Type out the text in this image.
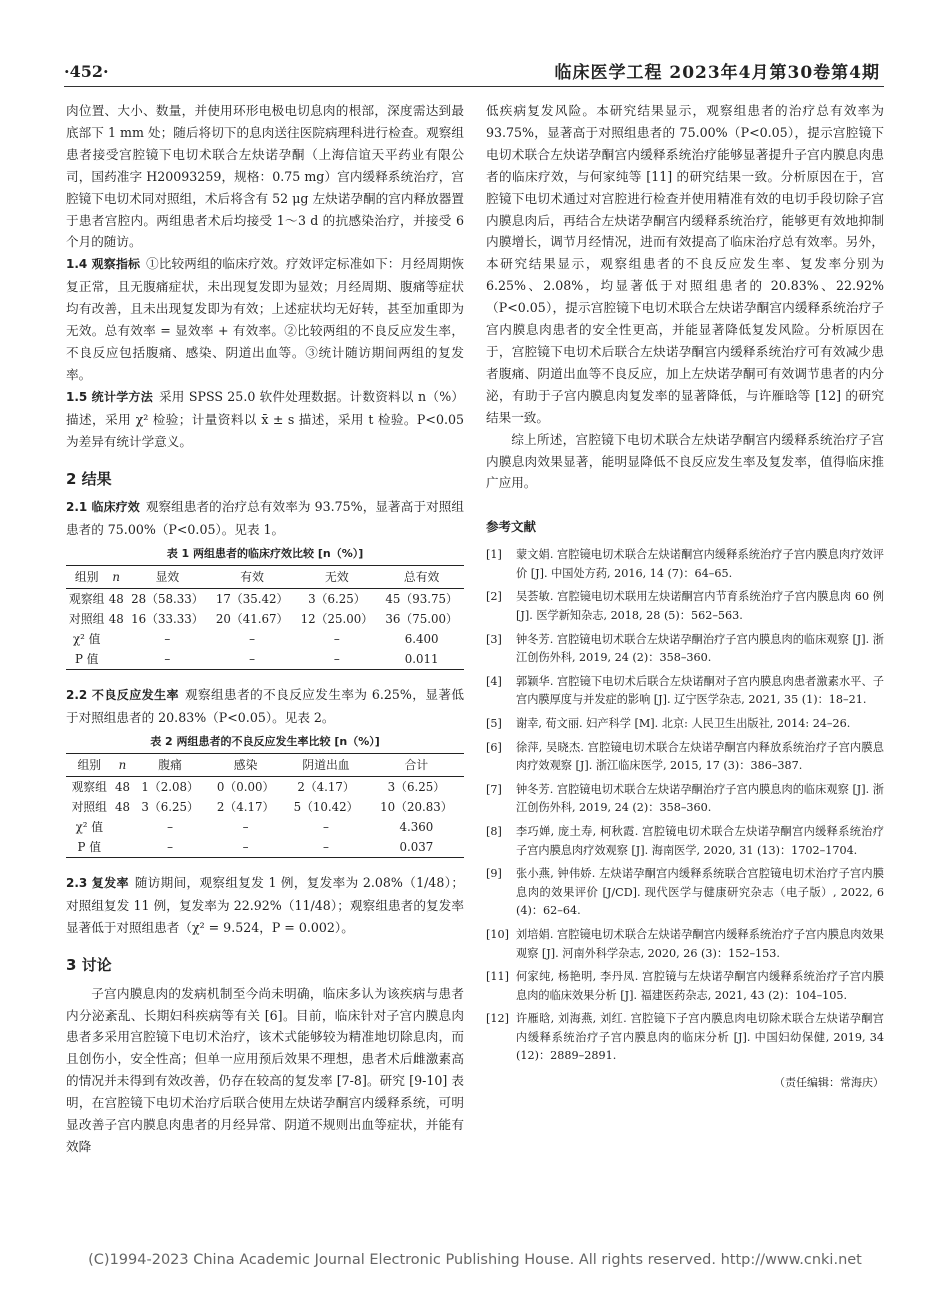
·452·	临床医学工程 2023年4月第30卷第4期

肉位置、大小、数量，并使用环形电极电切息肉的根部，深度需达到最底部下 1 mm 处；随后将切下的息肉送往医院病理科进行检查。观察组患者接受宫腔镜下电切术联合左炔诺孕酮（上海信谊天平药业有限公司，国药准字 H20093259，规格：0.75 mg）宫内缓释系统治疗，宫腔镜下电切术同对照组，术后将含有 52 μg 左炔诺孕酮的宫内释放器置于患者宫腔内。两组患者术后均接受 1～3 d 的抗感染治疗，并接受 6 个月的随访。

1.4 观察指标 ①比较两组的临床疗效。疗效评定标准如下：月经周期恢复正常，且无腹痛症状，未出现复发即为显效；月经周期、腹痛等症状均有改善，且未出现复发即为有效；上述症状均无好转，甚至加重即为无效。总有效率 = 显效率 + 有效率。②比较两组的不良反应发生率，不良反应包括腹痛、感染、阴道出血等。③统计随访期间两组的复发率。

1.5 统计学方法 采用 SPSS 25.0 软件处理数据。计数资料以 n（%）描述，采用 χ² 检验；计量资料以 x̄ ± s 描述，采用 t 检验。P<0.05 为差异有统计学意义。

2 结果

2.1 临床疗效 观察组患者的治疗总有效率为 93.75%，显著高于对照组患者的 75.00%（P<0.05）。见表 1。

表 1 两组患者的临床疗效比较 [n（%）]
组别	n	显效	有效	无效	总有效
观察组	48	28（58.33）	17（35.42）	3（6.25）	45（93.75）
对照组	48	16（33.33）	20（41.67）	12（25.00）	36（75.00）
χ² 值		–	–	–	6.400
P 值		–	–	–	0.011

2.2 不良反应发生率 观察组患者的不良反应发生率为 6.25%，显著低于对照组患者的 20.83%（P<0.05）。见表 2。

表 2 两组患者的不良反应发生率比较 [n（%）]
组别	n	腹痛	感染	阴道出血	合计
观察组	48	1（2.08）	0（0.00）	2（4.17）	3（6.25）
对照组	48	3（6.25）	2（4.17）	5（10.42）	10（20.83）
χ² 值		–	–	–	4.360
P 值		–	–	–	0.037

2.3 复发率 随访期间，观察组复发 1 例，复发率为 2.08%（1/48）；对照组复发 11 例，复发率为 22.92%（11/48）；观察组患者的复发率显著低于对照组患者（χ² = 9.524，P = 0.002）。

3 讨论

子宫内膜息肉的发病机制至今尚未明确，临床多认为该疾病与患者内分泌紊乱、长期妇科疾病等有关 [6]。目前，临床针对子宫内膜息肉患者多采用宫腔镜下电切术治疗，该术式能够较为精准地切除息肉，而且创伤小，安全性高；但单一应用预后效果不理想，患者术后雌激素高的情况并未得到有效改善，仍存在较高的复发率 [7-8]。研究 [9-10] 表明，在宫腔镜下电切术治疗后联合使用左炔诺孕酮宫内缓释系统，可明显改善子宫内膜息肉患者的月经异常、阴道不规则出血等症状，并能有效降

低疾病复发风险。本研究结果显示，观察组患者的治疗总有效率为 93.75%，显著高于对照组患者的 75.00%（P<0.05），提示宫腔镜下电切术联合左炔诺孕酮宫内缓释系统治疗能够显著提升子宫内膜息肉患者的临床疗效，与何家纯等 [11] 的研究结果一致。分析原因在于，宫腔镜下电切术通过对宫腔进行检查并使用精准有效的电切手段切除子宫内膜息肉后，再结合左炔诺孕酮宫内缓释系统治疗，能够更有效地抑制内膜增长，调节月经情况，进而有效提高了临床治疗总有效率。另外，本研究结果显示，观察组患者的不良反应发生率、复发率分别为 6.25%、2.08%，均显著低于对照组患者的 20.83%、22.92%（P<0.05），提示宫腔镜下电切术联合左炔诺孕酮宫内缓释系统治疗子宫内膜息肉患者的安全性更高，并能显著降低复发风险。分析原因在于，宫腔镜下电切术后联合左炔诺孕酮宫内缓释系统治疗可有效减少患者腹痛、阴道出血等不良反应，加上左炔诺孕酮可有效调节患者的内分泌，有助于子宫内膜息肉复发率的显著降低，与许雁晗等 [12] 的研究结果一致。

综上所述，宫腔镜下电切术联合左炔诺孕酮宫内缓释系统治疗子宫内膜息肉效果显著，能明显降低不良反应发生率及复发率，值得临床推广应用。

参考文献
[1]	蒙文娟. 宫腔镜电切术联合左炔诺酮宫内缓释系统治疗子宫内膜息肉疗效评价 [J]. 中国处方药, 2016, 14 (7)：64–65.
[2]	吴荟敏. 宫腔镜电切术联用左炔诺酮宫内节育系统治疗子宫内膜息肉 60 例 [J]. 医学新知杂志, 2018, 28 (5)：562–563.
[3]	钟冬芳. 宫腔镜电切术联合左炔诺孕酮治疗子宫内膜息肉的临床观察 [J]. 浙江创伤外科, 2019, 24 (2)：358–360.
[4]	郭颖华. 宫腔镜下电切术后联合左炔诺酮对子宫内膜息肉患者激素水平、子宫内膜厚度与并发症的影响 [J]. 辽宁医学杂志, 2021, 35 (1)：18–21.
[5]	谢幸, 荀文丽. 妇产科学 [M]. 北京: 人民卫生出版社, 2014: 24–26.
[6]	徐萍, 吴晓杰. 宫腔镜电切术联合左炔诺孕酮宫内释放系统治疗子宫内膜息肉疗效观察 [J]. 浙江临床医学, 2015, 17 (3)：386–387.
[7]	钟冬芳. 宫腔镜电切术联合左炔诺孕酮治疗子宫内膜息肉的临床观察 [J]. 浙江创伤外科, 2019, 24 (2)：358–360.
[8]	李巧婵, 庞土寿, 柯秋霞. 宫腔镜电切术联合左炔诺孕酮宫内缓释系统治疗子宫内膜息肉疗效观察 [J]. 海南医学, 2020, 31 (13)：1702–1704.
[9]	张小燕, 钟伟娇. 左炔诺孕酮宫内缓释系统联合宫腔镜电切术治疗子宫内膜息肉的效果评价 [J/CD]. 现代医学与健康研究杂志（电子版）, 2022, 6 (4)：62–64.
[10] 刘培娟. 宫腔镜电切术联合左炔诺孕酮宫内缓释系统治疗子宫内膜息肉效果观察 [J]. 河南外科学杂志, 2020, 26 (3)：152–153.
[11] 何家纯, 杨艳明, 李丹凤. 宫腔镜与左炔诺孕酮宫内缓释系统治疗子宫内膜息肉的临床效果分析 [J]. 福建医药杂志, 2021, 43 (2)：104–105.
[12] 许雁晗, 刘海燕, 刘红. 宫腔镜下子宫内膜息肉电切除术联合左炔诺孕酮宫内缓释系统治疗子宫内膜息肉的临床分析 [J]. 中国妇幼保健, 2019, 34 (12)：2889–2891.
（责任编辑：常海庆）
(C)1994-2023 China Academic Journal Electronic Publishing House. All rights reserved. http://www.cnki.net
